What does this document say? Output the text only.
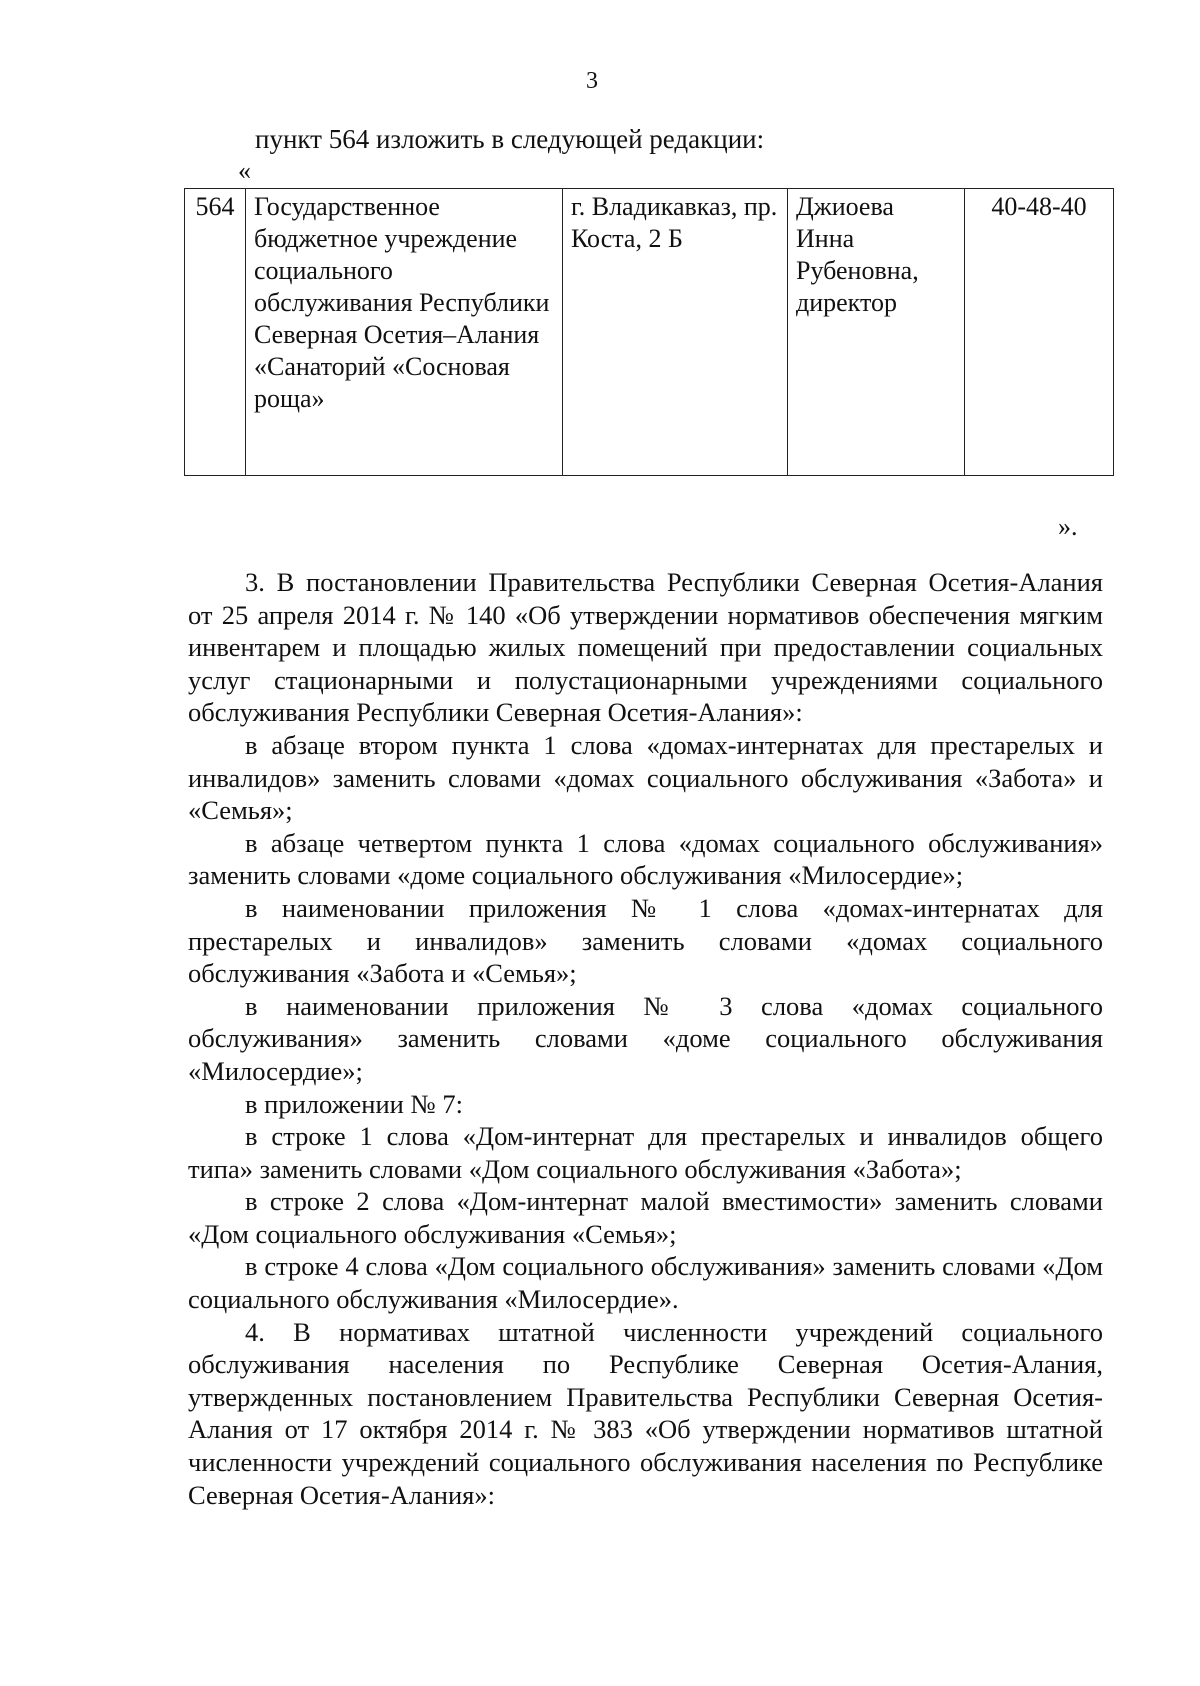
3
пункт 564 изложить в следующей редакции:
«
564	Государственное бюджетное учреждение социального обслуживания Республики Северная Осетия–Алания «Санаторий «Сосновая роща»	г. Владикавказ, пр. Коста, 2 Б	Джиоева Инна Рубеновна, директор	40-48-40
».

3. В постановлении Правительства Республики Северная Осетия-Алания от 25 апреля 2014 г. № 140 «Об утверждении нормативов обеспечения мягким инвентарем и площадью жилых помещений при предоставлении социальных услуг стационарными и полустационарными учреждениями социального обслуживания Республики Северная Осетия-Алания»:

в абзаце втором пункта 1 слова «домах-интернатах для престарелых и инвалидов» заменить словами «домах социального обслуживания «Забота» и «Семья»;

в абзаце четвертом пункта 1 слова «домах социального обслуживания» заменить словами «доме социального обслуживания «Милосердие»;

в наименовании приложения № 1 слова «домах-интернатах для престарелых и инвалидов» заменить словами «домах социального обслуживания «Забота и «Семья»;

в наименовании приложения № 3 слова «домах социального обслуживания» заменить словами «доме социального обслуживания «Милосердие»;

в приложении № 7:

в строке 1 слова «Дом-интернат для престарелых и инвалидов общего типа» заменить словами «Дом социального обслуживания «Забота»;

в строке 2 слова «Дом-интернат малой вместимости» заменить словами «Дом социального обслуживания «Семья»;

в строке 4 слова «Дом социального обслуживания» заменить словами «Дом социального обслуживания «Милосердие».

4. В нормативах штатной численности учреждений социального обслуживания населения по Республике Северная Осетия-Алания, утвержденных постановлением Правительства Республики Северная Осетия-Алания от 17 октября 2014 г. № 383 «Об утверждении нормативов штатной численности учреждений социального обслуживания населения по Республике Северная Осетия-Алания»:
